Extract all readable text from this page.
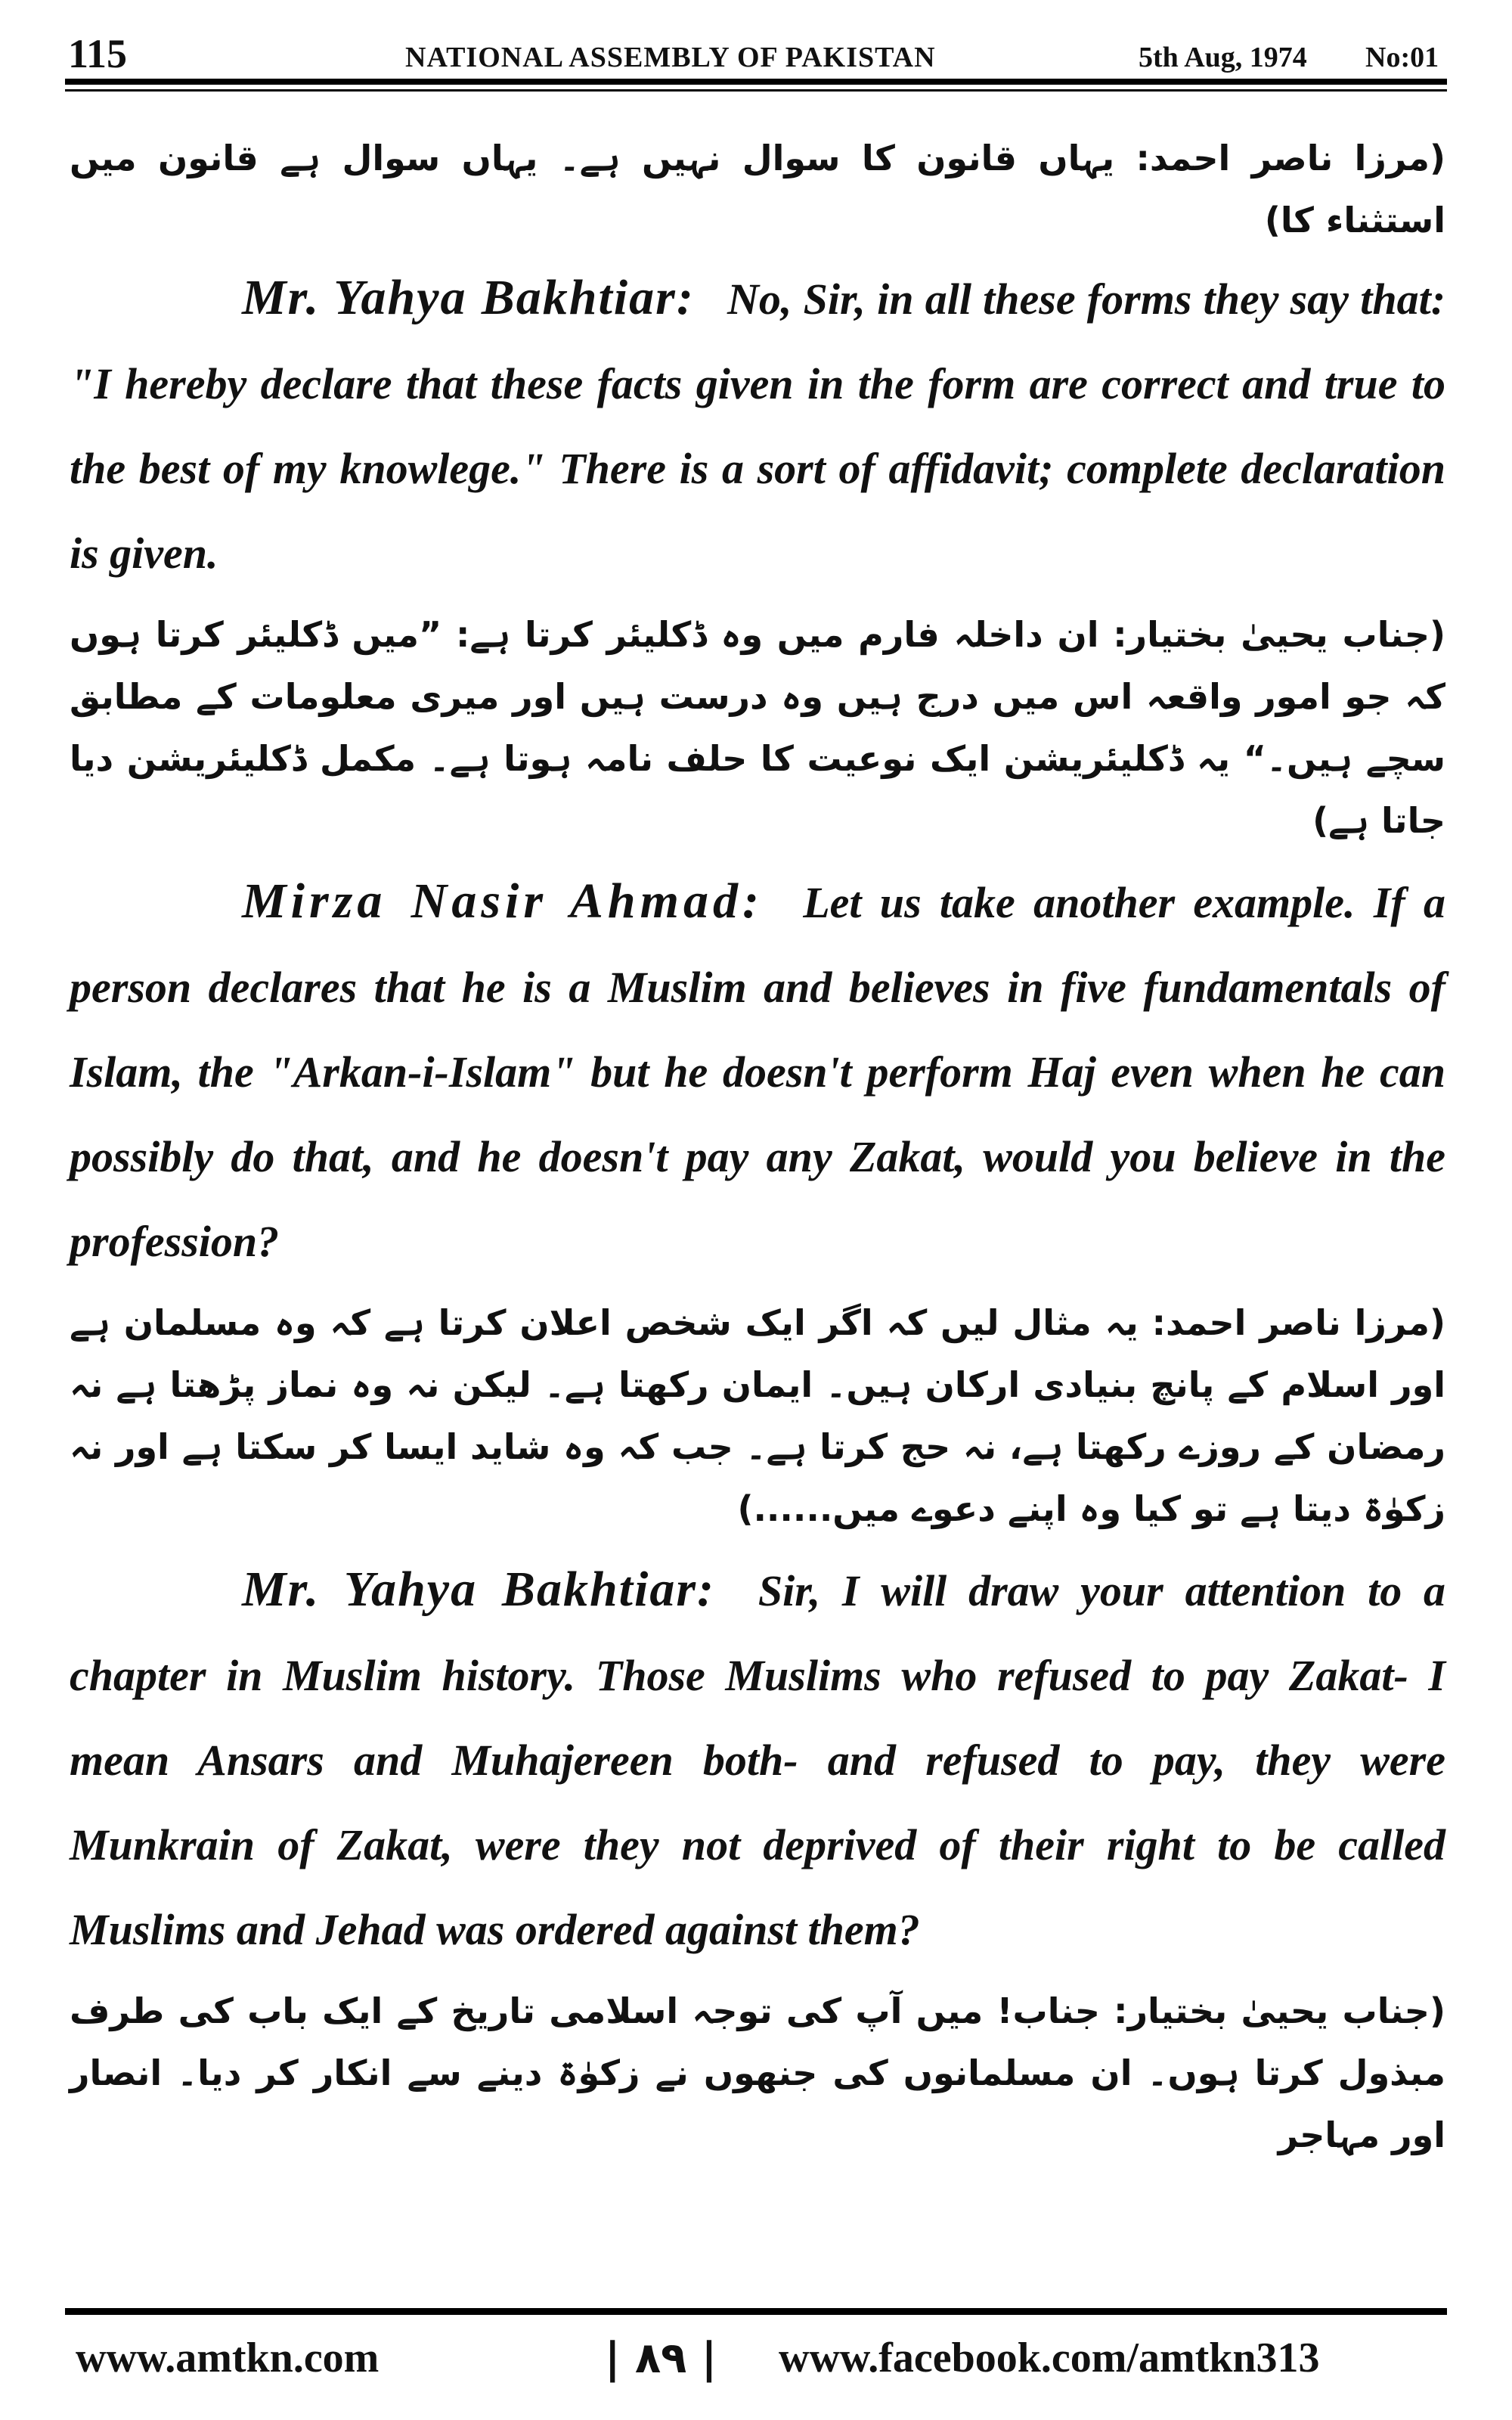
115	NATIONAL ASSEMBLY OF PAKISTAN	5th Aug, 1974 No:01
(مرزا ناصر احمد: یہاں قانون کا سوال نہیں ہے۔ یہاں سوال ہے قانون میں استثناء کا)
Mr. Yahya Bakhtiar: No, Sir, in all these forms they say that: "I hereby declare that these facts given in the form are correct and true to the best of my knowlege." There is a sort of affidavit; complete declaration is given.
(جناب یحییٰ بختیار: ان داخلہ فارم میں وہ ڈکلیئر کرتا ہے: ”میں ڈکلیئر کرتا ہوں کہ جو امور واقعہ اس میں درج ہیں وہ درست ہیں اور میری معلومات کے مطابق سچے ہیں۔“ یہ ڈکلیئریشن ایک نوعیت کا حلف نامہ ہوتا ہے۔ مکمل ڈکلیئریشن دیا جاتا ہے)
Mirza Nasir Ahmad: Let us take another example. If a person declares that he is a Muslim and believes in five fundamentals of Islam, the "Arkan-i-Islam" but he doesn't perform Haj even when he can possibly do that, and he doesn't pay any Zakat, would you believe in the profession?
(مرزا ناصر احمد: یہ مثال لیں کہ اگر ایک شخص اعلان کرتا ہے کہ وہ مسلمان ہے اور اسلام کے پانچ بنیادی ارکان ہیں۔ ایمان رکھتا ہے۔ لیکن نہ وہ نماز پڑھتا ہے نہ رمضان کے روزے رکھتا ہے، نہ حج کرتا ہے۔ جب کہ وہ شاید ایسا کر سکتا ہے اور نہ زکوٰۃ دیتا ہے تو کیا وہ اپنے دعوے میں......)
Mr. Yahya Bakhtiar: Sir, I will draw your attention to a chapter in Muslim history. Those Muslims who refused to pay Zakat- I mean Ansars and Muhajereen both- and refused to pay, they were Munkrain of Zakat, were they not deprived of their right to be called Muslims and Jehad was ordered against them?
(جناب یحییٰ بختیار: جناب! میں آپ کی توجہ اسلامی تاریخ کے ایک باب کی طرف مبذول کرتا ہوں۔ ان مسلمانوں کی جنھوں نے زکوٰۃ دینے سے انکار کر دیا۔ انصار اور مہاجر
www.amtkn.com	| ۸۹ | www.facebook.com/amtkn313
